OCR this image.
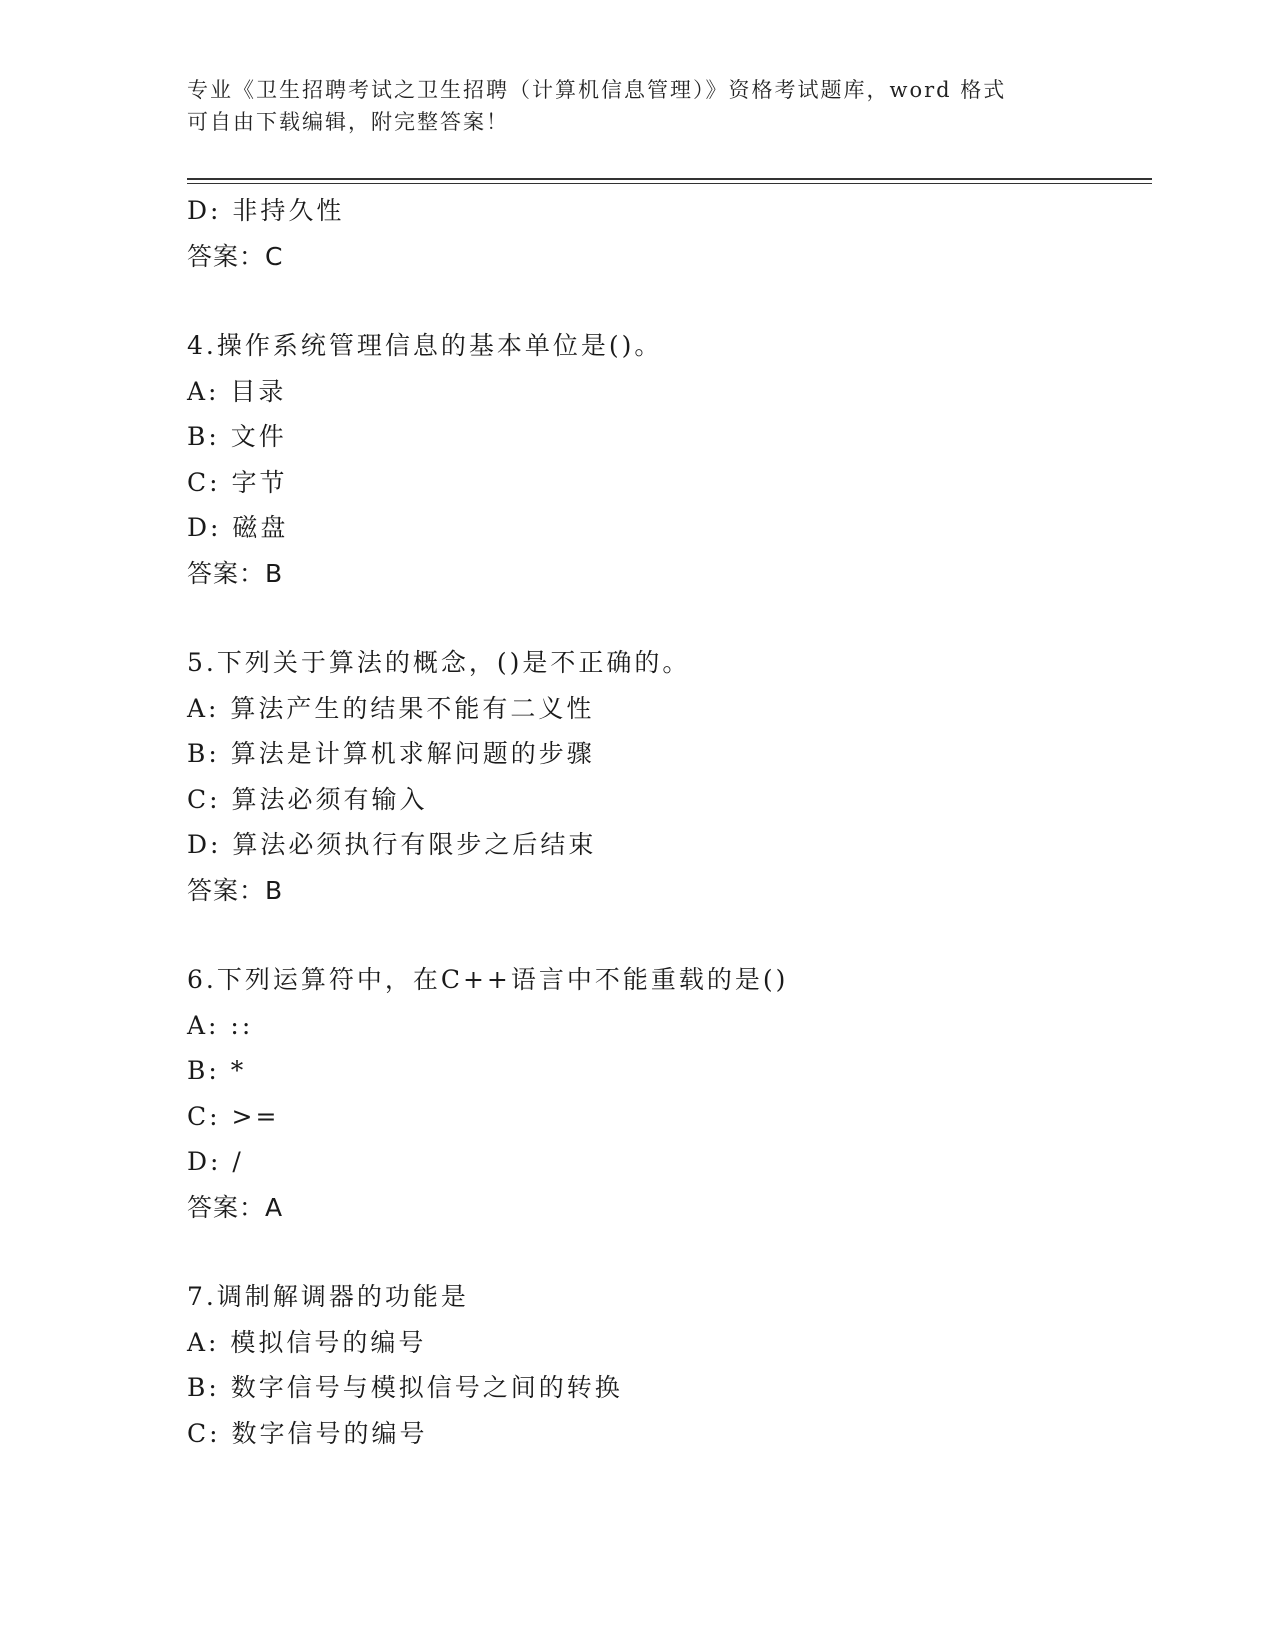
专业《卫生招聘考试之卫生招聘（计算机信息管理）》资格考试题库，word 格式
可自由下载编辑，附完整答案！
D: 非持久性
答案：C
4.操作系统管理信息的基本单位是()。
A: 目录
B: 文件
C: 字节
D: 磁盘
答案：B
5.下列关于算法的概念，()是不正确的。
A: 算法产生的结果不能有二义性
B: 算法是计算机求解问题的步骤
C: 算法必须有输入
D: 算法必须执行有限步之后结束
答案：B
6.下列运算符中，在C++语言中不能重载的是()
A: ::
B: *
C: >=
D: /
答案：A
7.调制解调器的功能是
A: 模拟信号的编号
B: 数字信号与模拟信号之间的转换
C: 数字信号的编号
